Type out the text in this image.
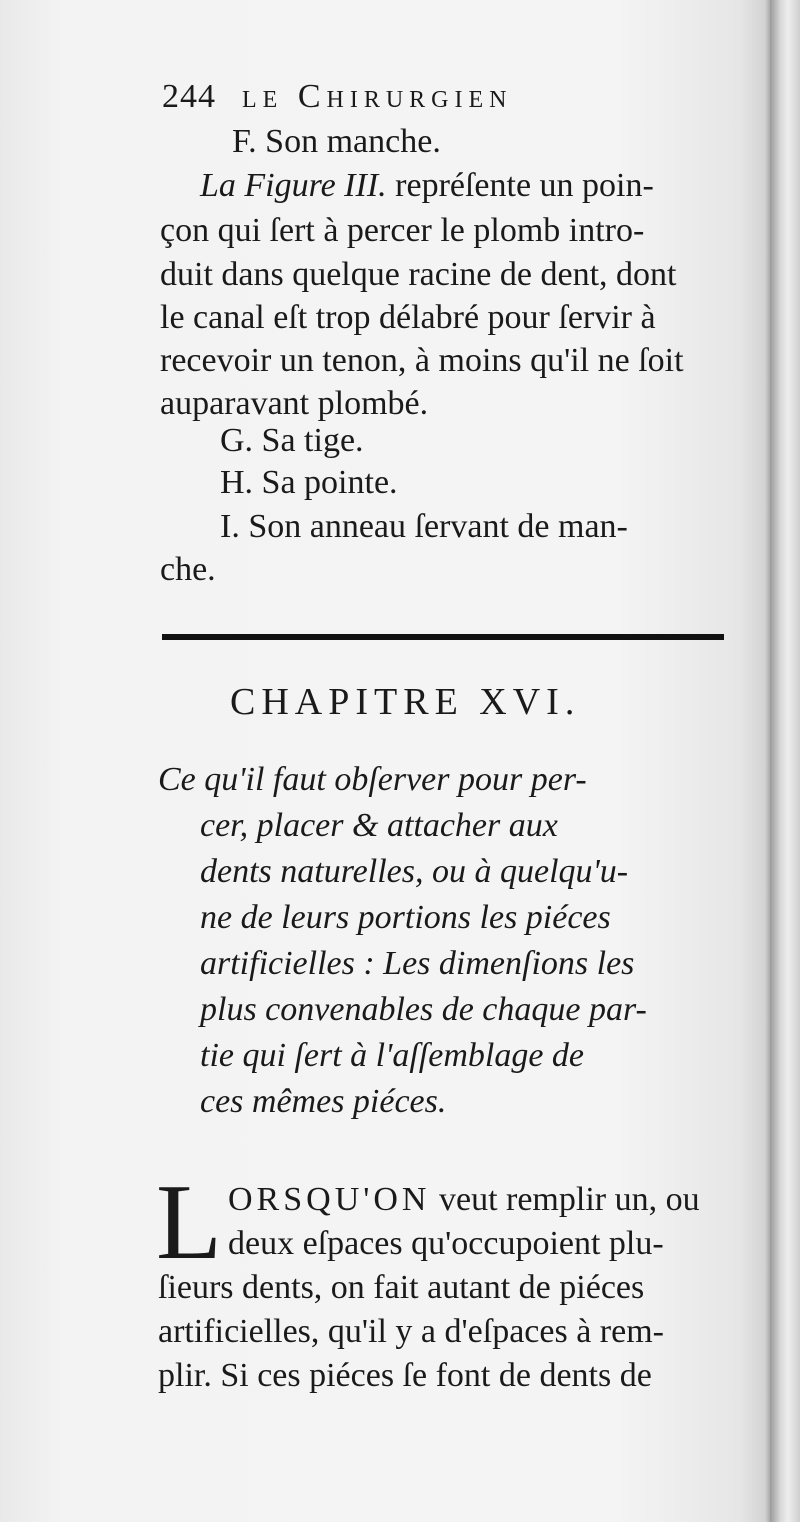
244 le Chirurgien
F. Son manche.
La Figure III. repréſente un poin-
çon qui ſert à percer le plomb intro-
duit dans quelque racine de dent, dont
le canal eſt trop délabré pour ſervir à
recevoir un tenon, à moins qu'il ne ſoit
auparavant plombé.
G. Sa tige.
H. Sa pointe.
I. Son anneau ſervant de man-
che.
CHAPITRE XVI.
Ce qu'il faut obſerver pour per-
cer, placer & attacher aux
dents naturelles, ou à quelqu'u-
ne de leurs portions les piéces
artificielles : Les dimenſions les
plus convenables de chaque par-
tie qui ſert à l'aſſemblage de
ces mêmes piéces.
L ORSQU'ON veut remplir un, ou
deux eſpaces qu'occupoient plu-
ſieurs dents, on fait autant de piéces
artificielles, qu'il y a d'eſpaces à rem-
plir. Si ces piéces ſe font de dents de
